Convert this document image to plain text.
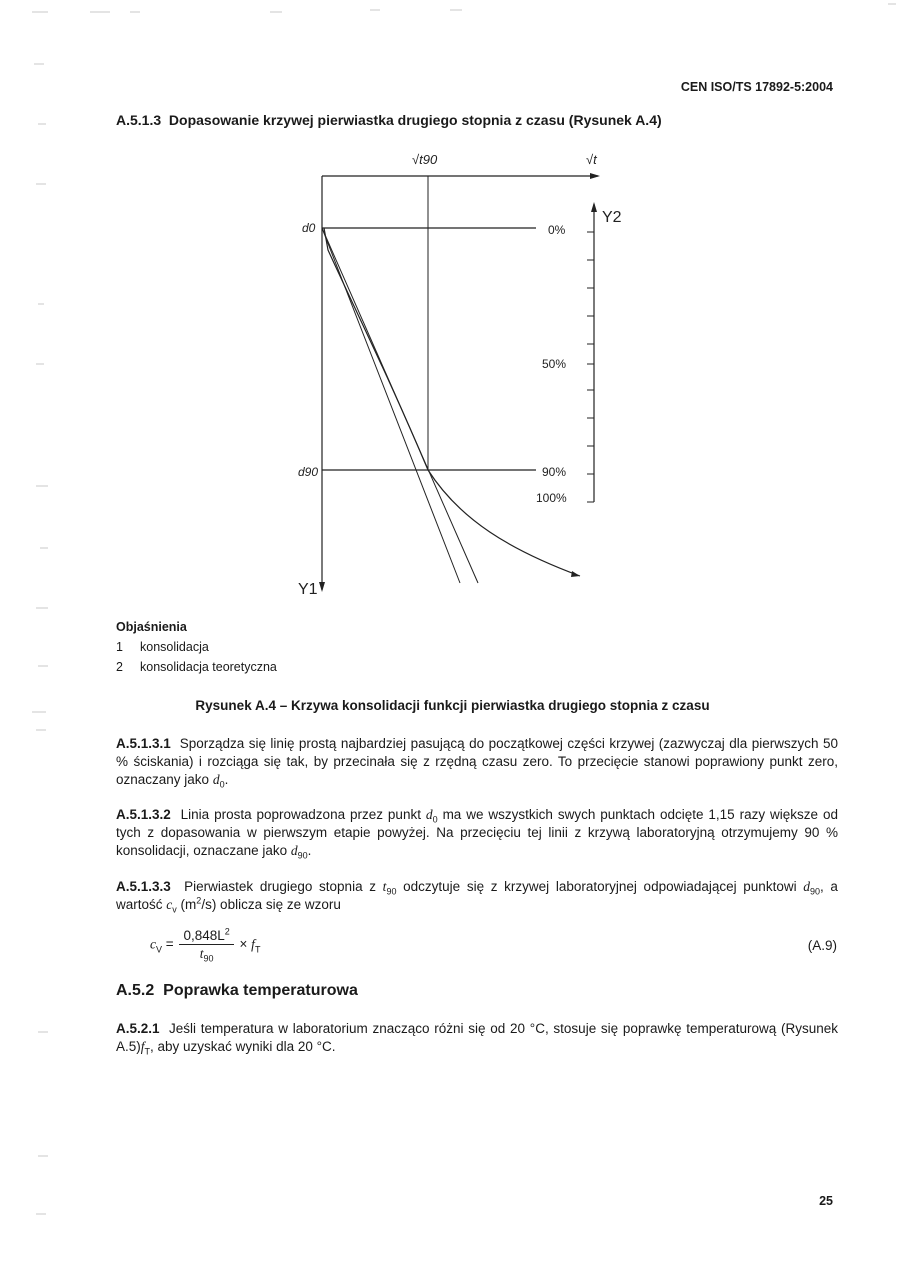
CEN ISO/TS 17892-5:2004
A.5.1.3 Dopasowanie krzywej pierwiastka drugiego stopnia z czasu (Rysunek A.4)
√t90	√t
d0
d90
Y1
Y2
0%
50%
90%
100%
Objaśnienia
1 konsolidacja
2 konsolidacja teoretyczna
Rysunek A.4 – Krzywa konsolidacji funkcji pierwiastka drugiego stopnia z czasu
A.5.1.3.1 Sporządza się linię prostą najbardziej pasującą do początkowej części krzywej (zazwyczaj dla pierwszych 50 % ściskania) i rozciąga się tak, by przecinała się z rzędną czasu zero. To przecięcie stanowi poprawiony punkt zero, oznaczany jako $d_0$.
A.5.1.3.2 Linia prosta poprowadzona przez punkt $d_0$ ma we wszystkich swych punktach odcięte 1,15 razy większe od tych z dopasowania w pierwszym etapie powyżej. Na przecięciu tej linii z krzywą laboratoryjną otrzymujemy 90 % konsolidacji, oznaczane jako $d_{90}$.
A.5.1.3.3 Pierwiastek drugiego stopnia z $t_{90}$ odczytuje się z krzywej laboratoryjnej odpowiadającej punktowi $d_{90}$, a wartość $c_v$ $(m^2/s)$ oblicza się ze wzoru
$c_V = \frac{0,848L^2}{t_{90}} \times f_T$	(A.9)
A.5.2 Poprawka temperaturowa
A.5.2.1 Jeśli temperatura w laboratorium znacząco różni się od 20 °C, stosuje się poprawkę temperaturową (Rysunek $A.5)f_T$, aby uzyskać wyniki dla 20 °C.
25
